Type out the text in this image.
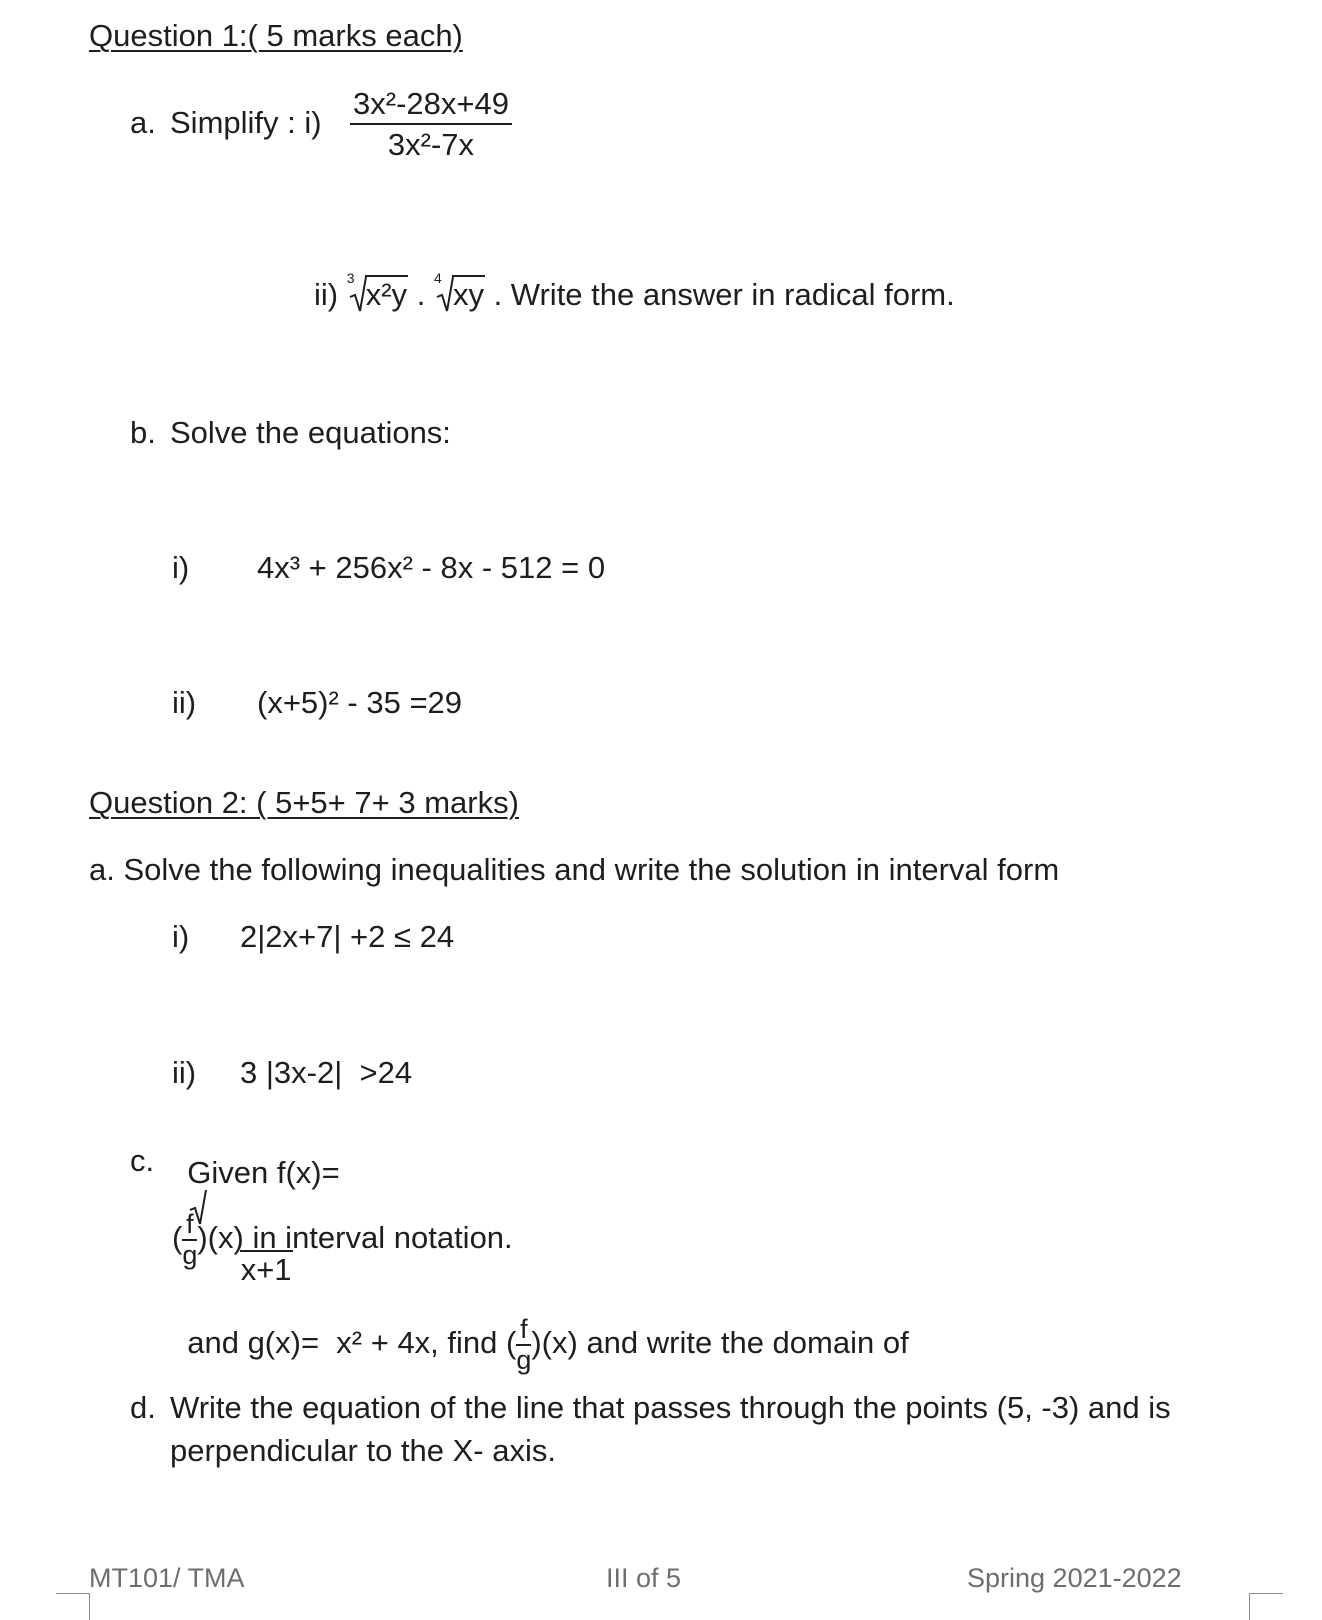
Question 1:( 5 marks each)
a. Simplify : $i) \frac{\text{3x²-28x+49}}{\text{3x²-7x}}$
ii) 3 x²y . 4 xy . Write the answer in radical form.
b. Solve the equations:
i) 4x³ + 256x² - 8x - 512 = 0
ii) (x+5)² - 35 =29
Question 2: ( 5+5+ 7+ 3 marks)
a. Solve the following inequalities and write the solution in interval form
i) 2|2x+7| +2 ≤ 24
ii) 3 |3x-2|  >24
c.	Given f(x)=

x+1

and g(x)=  x² + 4x, find ( $\frac{f}{g} )(x)$ and write the domain of

( $\frac{f}{g} )(x)$ in interval notation.
d. Write the equation of the line that passes through the points (5, -3) and is
perpendicular to the X- axis.
MT101/ TMA	III of 5	Spring 2021-2022
